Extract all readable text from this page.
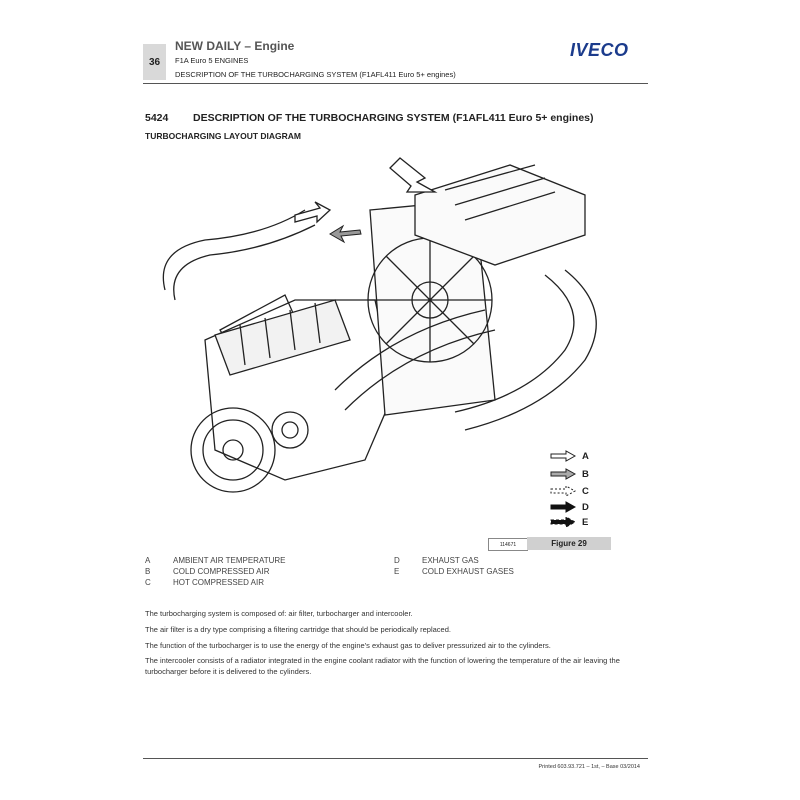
36
NEW DAILY – Engine
F1A Euro 5 ENGINES
DESCRIPTION OF THE TURBOCHARGING SYSTEM (F1AFL411 Euro 5+ engines)
IVECO
5424 DESCRIPTION OF THE TURBOCHARGING SYSTEM (F1AFL411 Euro 5+ engines)
TURBOCHARGING LAYOUT DIAGRAM
A
B
C
D
E
114671	Figure 29
A	AMBIENT AIR TEMPERATURE
B	COLD COMPRESSED AIR
C	HOT COMPRESSED AIR
D	EXHAUST GAS
E	COLD EXHAUST GASES
The turbocharging system is composed of: air filter, turbocharger and intercooler.
The air filter is a dry type comprising a filtering cartridge that should be periodically replaced.
The function of the turbocharger is to use the energy of the engine's exhaust gas to deliver pressurized air to the cylinders.
The intercooler consists of a radiator integrated in the engine coolant radiator with the function of lowering the temperature of the air leaving the turbocharger before it is delivered to the cylinders.
Printed 603.93.721 – 1st, – Base 03/2014
